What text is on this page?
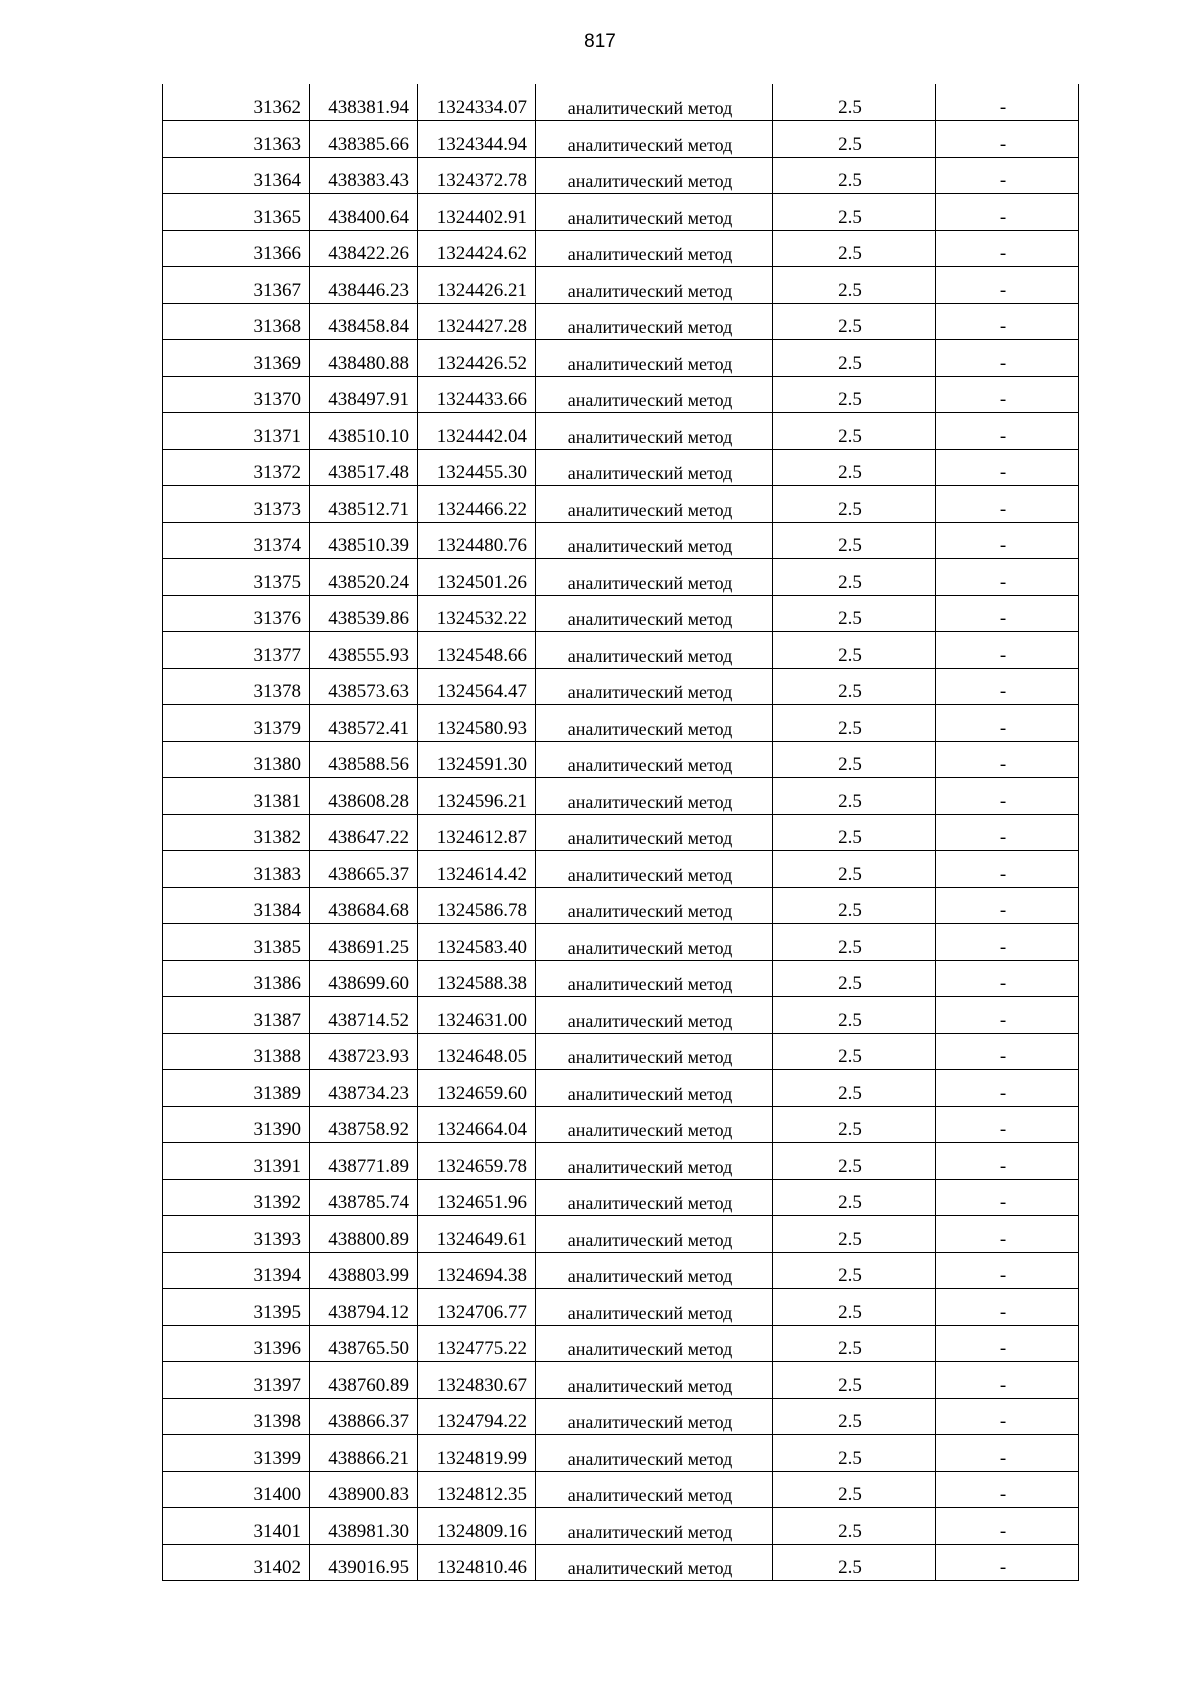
817
31362	438381.94	1324334.07	аналитический метод	2.5	-
31363	438385.66	1324344.94	аналитический метод	2.5	-
31364	438383.43	1324372.78	аналитический метод	2.5	-
31365	438400.64	1324402.91	аналитический метод	2.5	-
31366	438422.26	1324424.62	аналитический метод	2.5	-
31367	438446.23	1324426.21	аналитический метод	2.5	-
31368	438458.84	1324427.28	аналитический метод	2.5	-
31369	438480.88	1324426.52	аналитический метод	2.5	-
31370	438497.91	1324433.66	аналитический метод	2.5	-
31371	438510.10	1324442.04	аналитический метод	2.5	-
31372	438517.48	1324455.30	аналитический метод	2.5	-
31373	438512.71	1324466.22	аналитический метод	2.5	-
31374	438510.39	1324480.76	аналитический метод	2.5	-
31375	438520.24	1324501.26	аналитический метод	2.5	-
31376	438539.86	1324532.22	аналитический метод	2.5	-
31377	438555.93	1324548.66	аналитический метод	2.5	-
31378	438573.63	1324564.47	аналитический метод	2.5	-
31379	438572.41	1324580.93	аналитический метод	2.5	-
31380	438588.56	1324591.30	аналитический метод	2.5	-
31381	438608.28	1324596.21	аналитический метод	2.5	-
31382	438647.22	1324612.87	аналитический метод	2.5	-
31383	438665.37	1324614.42	аналитический метод	2.5	-
31384	438684.68	1324586.78	аналитический метод	2.5	-
31385	438691.25	1324583.40	аналитический метод	2.5	-
31386	438699.60	1324588.38	аналитический метод	2.5	-
31387	438714.52	1324631.00	аналитический метод	2.5	-
31388	438723.93	1324648.05	аналитический метод	2.5	-
31389	438734.23	1324659.60	аналитический метод	2.5	-
31390	438758.92	1324664.04	аналитический метод	2.5	-
31391	438771.89	1324659.78	аналитический метод	2.5	-
31392	438785.74	1324651.96	аналитический метод	2.5	-
31393	438800.89	1324649.61	аналитический метод	2.5	-
31394	438803.99	1324694.38	аналитический метод	2.5	-
31395	438794.12	1324706.77	аналитический метод	2.5	-
31396	438765.50	1324775.22	аналитический метод	2.5	-
31397	438760.89	1324830.67	аналитический метод	2.5	-
31398	438866.37	1324794.22	аналитический метод	2.5	-
31399	438866.21	1324819.99	аналитический метод	2.5	-
31400	438900.83	1324812.35	аналитический метод	2.5	-
31401	438981.30	1324809.16	аналитический метод	2.5	-
31402	439016.95	1324810.46	аналитический метод	2.5	-
